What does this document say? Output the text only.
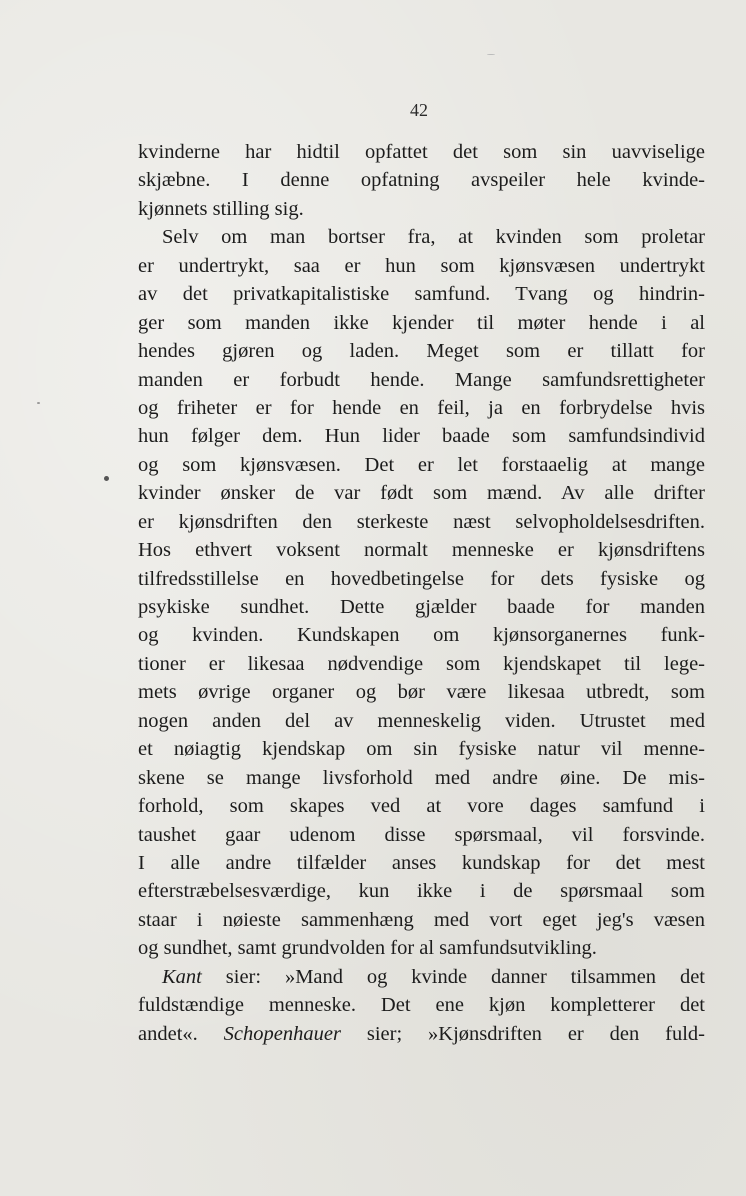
42
kvinderne har hidtil opfattet det som sin uavviselige
skjæbne. I denne opfatning avspeiler hele kvinde-
kjønnets stilling sig.
Selv om man bortser fra, at kvinden som proletar
er undertrykt, saa er hun som kjønsvæsen undertrykt
av det privatkapitalistiske samfund. Tvang og hindrin-
ger som manden ikke kjender til møter hende i al
hendes gjøren og laden. Meget som er tillatt for
manden er forbudt hende. Mange samfundsrettigheter
og friheter er for hende en feil, ja en forbrydelse hvis
hun følger dem. Hun lider baade som samfundsindivid
og som kjønsvæsen. Det er let forstaaelig at mange
kvinder ønsker de var født som mænd. Av alle drifter
er kjønsdriften den sterkeste næst selvopholdelsesdriften.
Hos ethvert voksent normalt menneske er kjønsdriftens
tilfredsstillelse en hovedbetingelse for dets fysiske og
psykiske sundhet. Dette gjælder baade for manden
og kvinden. Kundskapen om kjønsorganernes funk-
tioner er likesaa nødvendige som kjendskapet til lege-
mets øvrige organer og bør være likesaa utbredt, som
nogen anden del av menneskelig viden. Utrustet med
et nøiagtig kjendskap om sin fysiske natur vil menne-
skene se mange livsforhold med andre øine. De mis-
forhold, som skapes ved at vore dages samfund i
taushet gaar udenom disse spørsmaal, vil forsvinde.
I alle andre tilfælder anses kundskap for det mest
efterstræbelsesværdige, kun ikke i de spørsmaal som
staar i nøieste sammenhæng med vort eget jeg's væsen
og sundhet, samt grundvolden for al samfundsutvikling.
Kant sier: »Mand og kvinde danner tilsammen det
fuldstændige menneske. Det ene kjøn kompletterer det
andet«. Schopenhauer sier; »Kjønsdriften er den fuld-
